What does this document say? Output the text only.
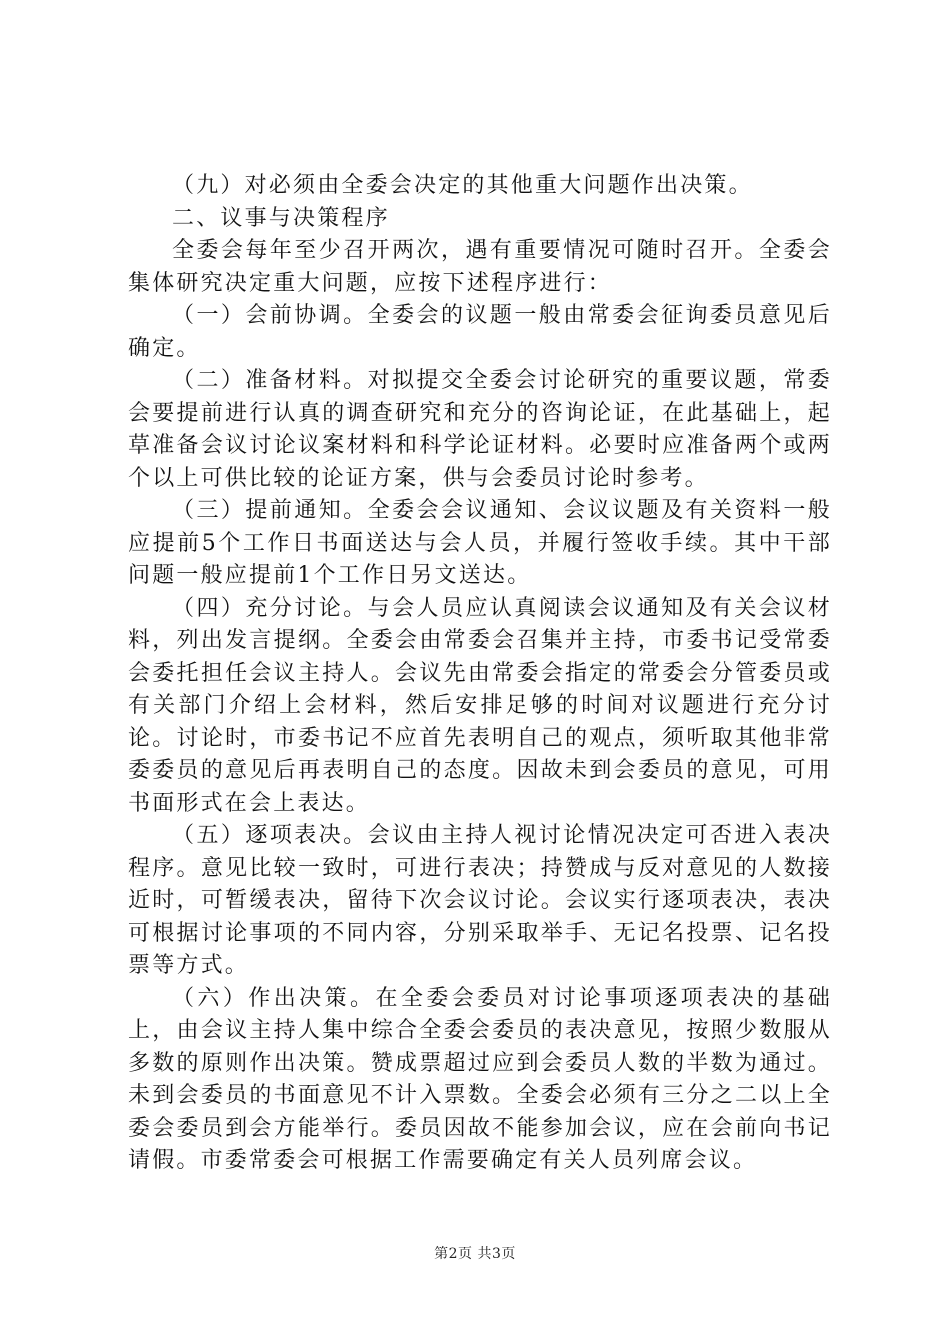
（九）对必须由全委会决定的其他重大问题作出决策。

二、议事与决策程序

全委会每年至少召开两次，遇有重要情况可随时召开。全委会集体研究决定重大问题，应按下述程序进行：

（一）会前协调。全委会的议题一般由常委会征询委员意见后确定。

（二）准备材料。对拟提交全委会讨论研究的重要议题，常委会要提前进行认真的调查研究和充分的咨询论证，在此基础上，起草准备会议讨论议案材料和科学论证材料。必要时应准备两个或两个以上可供比较的论证方案，供与会委员讨论时参考。

（三）提前通知。全委会会议通知、会议议题及有关资料一般应提前5个工作日书面送达与会人员，并履行签收手续。其中干部问题一般应提前1个工作日另文送达。

（四）充分讨论。与会人员应认真阅读会议通知及有关会议材料，列出发言提纲。全委会由常委会召集并主持，市委书记受常委会委托担任会议主持人。会议先由常委会指定的常委会分管委员或有关部门介绍上会材料，然后安排足够的时间对议题进行充分讨论。讨论时，市委书记不应首先表明自己的观点，须听取其他非常委委员的意见后再表明自己的态度。因故未到会委员的意见，可用书面形式在会上表达。

（五）逐项表决。会议由主持人视讨论情况决定可否进入表决程序。意见比较一致时，可进行表决；持赞成与反对意见的人数接近时，可暂缓表决，留待下次会议讨论。会议实行逐项表决，表决可根据讨论事项的不同内容，分别采取举手、无记名投票、记名投票等方式。

（六）作出决策。在全委会委员对讨论事项逐项表决的基础上，由会议主持人集中综合全委会委员的表决意见，按照少数服从多数的原则作出决策。赞成票超过应到会委员人数的半数为通过。未到会委员的书面意见不计入票数。全委会必须有三分之二以上全委会委员到会方能举行。委员因故不能参加会议，应在会前向书记请假。市委常委会可根据工作需要确定有关人员列席会议。

第2页 共3页
